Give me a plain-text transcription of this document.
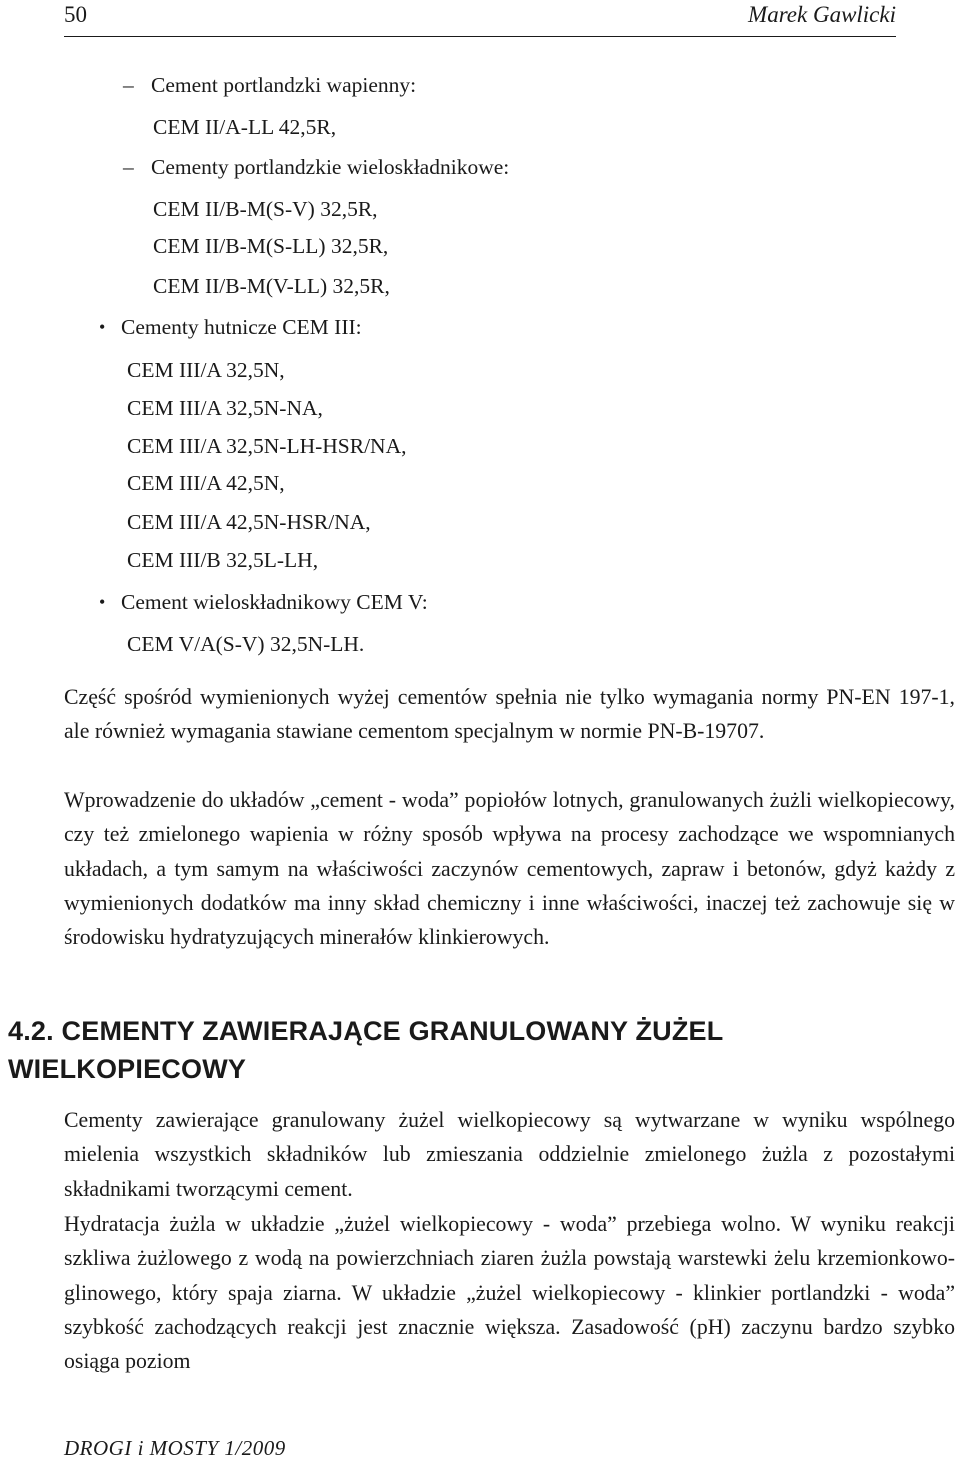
50	Marek Gawlicki
– Cement portlandzki wapienny:
CEM II/A-LL 42,5R,
– Cementy portlandzkie wieloskładnikowe:
CEM II/B-M(S-V) 32,5R,
CEM II/B-M(S-LL) 32,5R,
CEM II/B-M(V-LL) 32,5R,
• Cementy hutnicze CEM III:
CEM III/A 32,5N,
CEM III/A 32,5N-NA,
CEM III/A 32,5N-LH-HSR/NA,
CEM III/A 42,5N,
CEM III/A 42,5N-HSR/NA,
CEM III/B 32,5L-LH,
• Cement wieloskładnikowy CEM V:
CEM V/A(S-V) 32,5N-LH.

Część spośród wymienionych wyżej cementów spełnia nie tylko wymagania normy PN-EN 197-1, ale również wymagania stawiane cementom specjalnym w normie PN-B-19707.

Wprowadzenie do układów „cement - woda” popiołów lotnych, granulowanych żużli wielkopiecowy, czy też zmielonego wapienia w różny sposób wpływa na procesy zachodzące we wspomnianych układach, a tym samym na właściwości zaczynów cementowych, zapraw i betonów, gdyż każdy z wymienionych dodatków ma inny skład chemiczny i inne właściwości, inaczej też zachowuje się w środowisku hydratyzujących minerałów klinkierowych.

4.2. CEMENTY ZAWIERAJĄCE GRANULOWANY ŻUŻEL
WIELKOPIECOWY

Cementy zawierające granulowany żużel wielkopiecowy są wytwarzane w wyniku wspólnego mielenia wszystkich składników lub zmieszania oddzielnie zmielonego żużla z pozostałymi składnikami tworzącymi cement.

Hydratacja żużla w układzie „żużel wielkopiecowy - woda” przebiega wolno. W wyniku reakcji szkliwa żużlowego z wodą na powierzchniach ziaren żużla powstają warstewki żelu krzemionkowo-glinowego, który spaja ziarna. W układzie „żużel wielkopiecowy - klinkier portlandzki - woda” szybkość zachodzących reakcji jest znacznie większa. Zasadowość (pH) zaczynu bardzo szybko osiąga poziom

DROGI i MOSTY 1/2009
